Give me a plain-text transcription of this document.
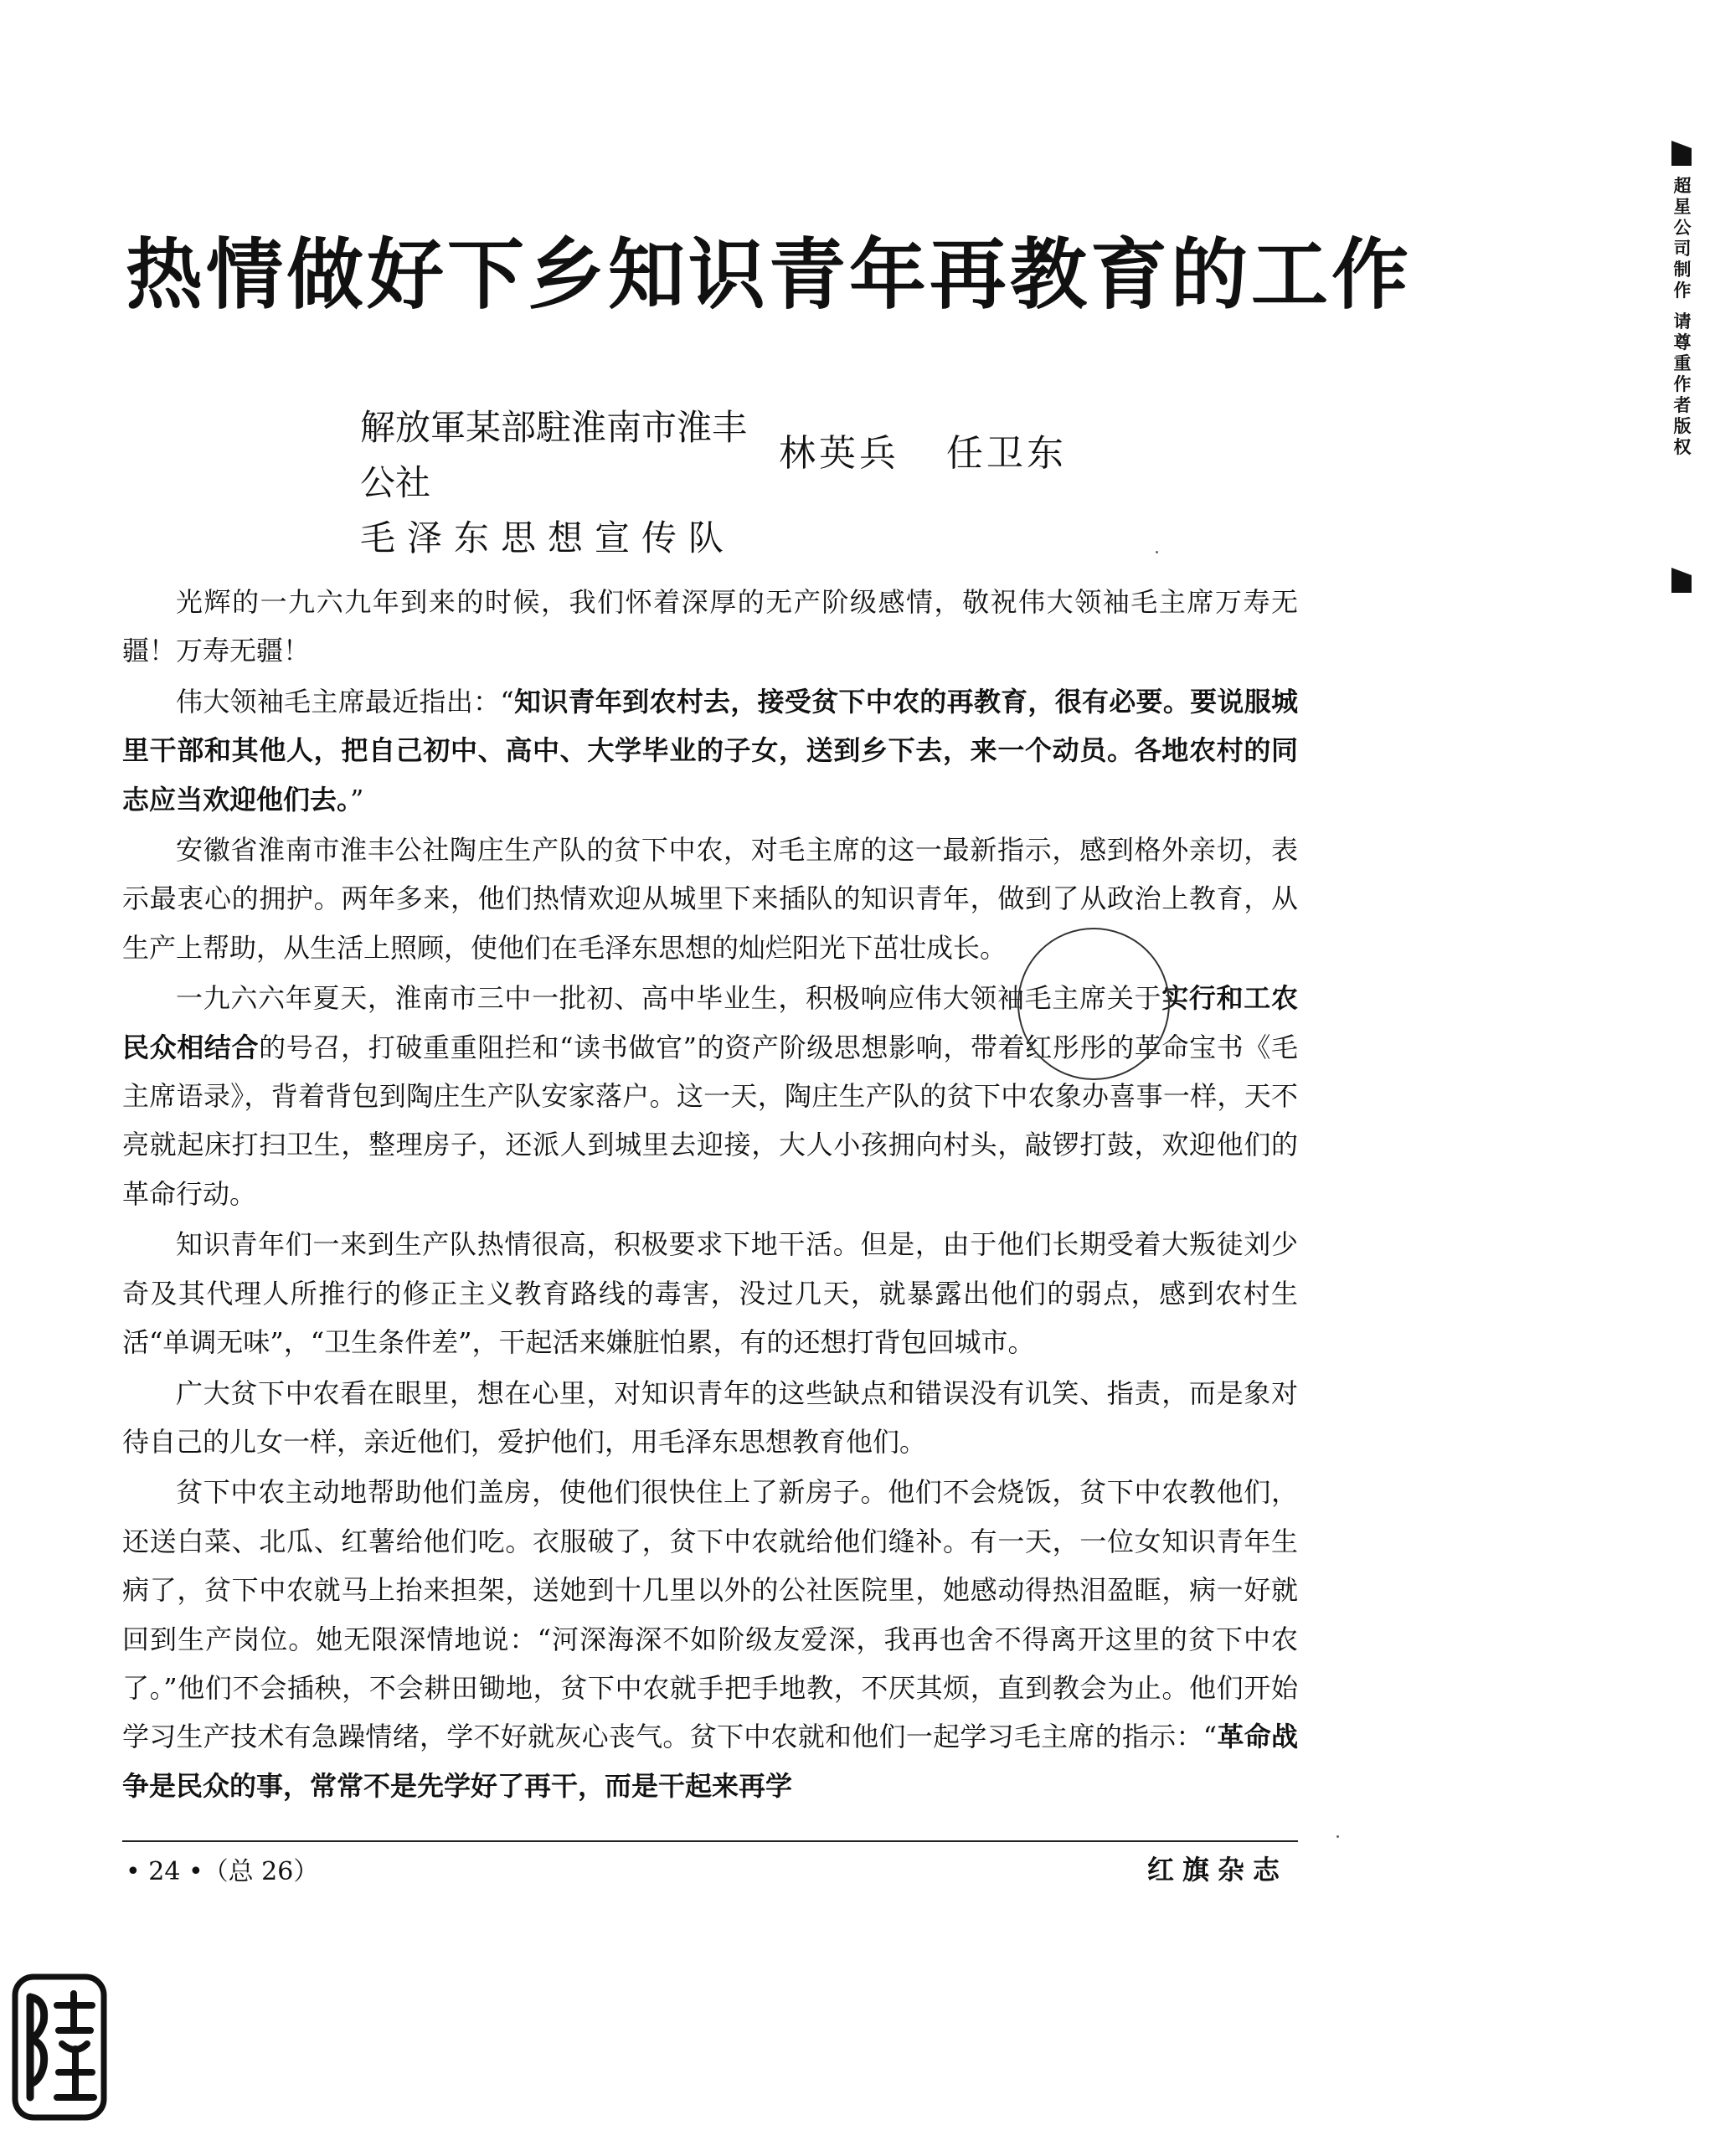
热情做好下乡知识青年再教育的工作
解放軍某部駐淮南市淮丰公社
毛泽东思想宣传队
林英兵 任卫东

光辉的一九六九年到来的时候，我们怀着深厚的无产阶级感情，敬祝伟大领袖毛主席万寿无疆！万寿无疆！

伟大领袖毛主席最近指出：“知识青年到农村去，接受贫下中农的再教育，很有必要。要说服城里干部和其他人，把自己初中、高中、大学毕业的子女，送到乡下去，来一个动员。各地农村的同志应当欢迎他们去。”

安徽省淮南市淮丰公社陶庄生产队的贫下中农，对毛主席的这一最新指示，感到格外亲切，表示最衷心的拥护。两年多来，他们热情欢迎从城里下来插队的知识青年，做到了从政治上教育，从生产上帮助，从生活上照顾，使他们在毛泽东思想的灿烂阳光下茁壮成长。

一九六六年夏天，淮南市三中一批初、高中毕业生，积极响应伟大领袖毛主席关于实行和工农民众相结合的号召，打破重重阻拦和“读书做官”的资产阶级思想影响，带着红彤彤的革命宝书《毛主席语录》，背着背包到陶庄生产队安家落户。这一天，陶庄生产队的贫下中农象办喜事一样，天不亮就起床打扫卫生，整理房子，还派人到城里去迎接，大人小孩拥向村头，敲锣打鼓，欢迎他们的革命行动。

知识青年们一来到生产队热情很高，积极要求下地干活。但是，由于他们长期受着大叛徒刘少奇及其代理人所推行的修正主义教育路线的毒害，没过几天，就暴露出他们的弱点，感到农村生活“单调无味”，“卫生条件差”，干起活来嫌脏怕累，有的还想打背包回城市。

广大贫下中农看在眼里，想在心里，对知识青年的这些缺点和错误没有讥笑、指责，而是象对待自己的儿女一样，亲近他们，爱护他们，用毛泽东思想教育他们。

贫下中农主动地帮助他们盖房，使他们很快住上了新房子。他们不会烧饭，贫下中农教他们，还送白菜、北瓜、红薯给他们吃。衣服破了，贫下中农就给他们缝补。有一天，一位女知识青年生病了，贫下中农就马上抬来担架，送她到十几里以外的公社医院里，她感动得热泪盈眶，病一好就回到生产岗位。她无限深情地说：“河深海深不如阶级友爱深，我再也舍不得离开这里的贫下中农了。”他们不会插秧，不会耕田锄地，贫下中农就手把手地教，不厌其烦，直到教会为止。他们开始学习生产技术有急躁情绪，学不好就灰心丧气。贫下中农就和他们一起学习毛主席的指示：“革命战争是民众的事，常常不是先学好了再干，而是干起来再学

• 24 •（总 26）	红旗杂志
超星公司制作
请尊重作者版权
